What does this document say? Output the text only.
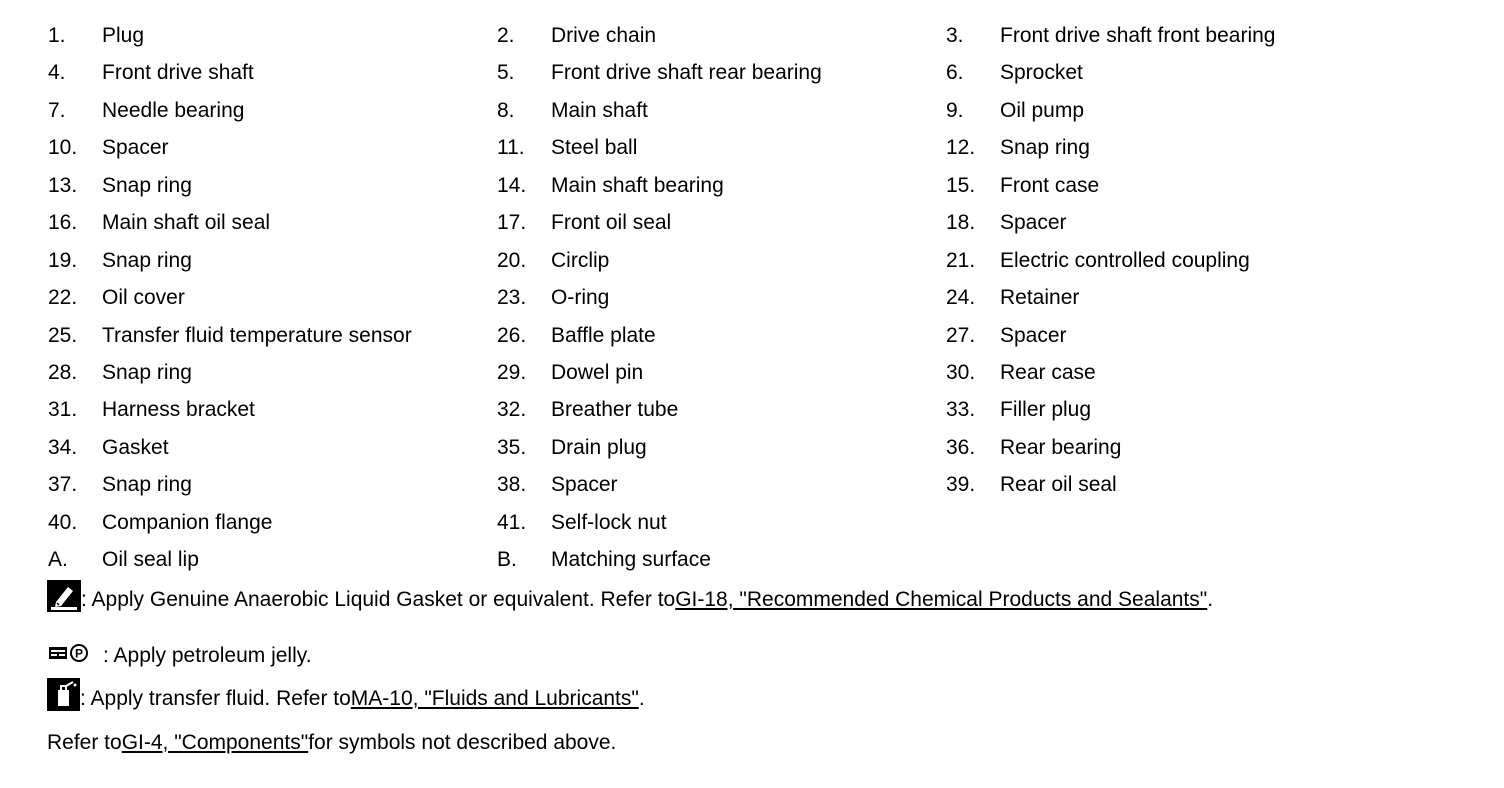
1. Plug	2. Drive chain	3. Front drive shaft front bearing
4. Front drive shaft	5. Front drive shaft rear bearing	6. Sprocket
7. Needle bearing	8. Main shaft	9. Oil pump
10. Spacer	11. Steel ball	12. Snap ring
13. Snap ring	14. Main shaft bearing	15. Front case
16. Main shaft oil seal	17. Front oil seal	18. Spacer
19. Snap ring	20. Circlip	21. Electric controlled coupling
22. Oil cover	23. O-ring	24. Retainer
25. Transfer fluid temperature sensor	26. Baffle plate	27. Spacer
28. Snap ring	29. Dowel pin	30. Rear case
31. Harness bracket	32. Breather tube	33. Filler plug
34. Gasket	35. Drain plug	36. Rear bearing
37. Snap ring	38. Spacer	39. Rear oil seal
40. Companion flange	41. Self-lock nut
A. Oil seal lip	B. Matching surface
: Apply Genuine Anaerobic Liquid Gasket or equivalent. Refer to GI-18, "Recommended Chemical Products and Sealants" .
P : Apply petroleum jelly.
: Apply transfer fluid. Refer to MA-10, "Fluids and Lubricants" .
Refer to GI-4, "Components" for symbols not described above.
